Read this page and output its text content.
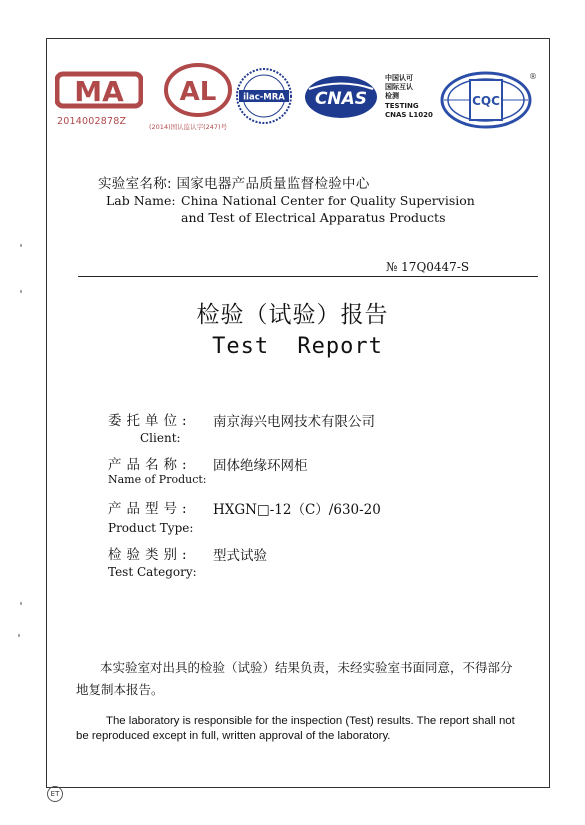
MA
2014002878Z
AL
(2014)国认监认字(247)号
ilac-MRA CNAS
中国认可
国际互认
检测
TESTING
CNAS L1020
CQC
®
实验室名称: 国家电器产品质量监督检验中心
Lab Name: China National Center for Quality Supervision
and Test of Electrical Apparatus Products
№ 17Q0447-S
检验（试验）报告
Test Report
委托单位: 南京海兴电网技术有限公司
Client:
产品名称: 固体绝缘环网柜
Name of Product:
产品型号: HXGN□-12（C）/630-20
Product Type:
检验类别: 型式试验
Test Category:
本实验室对出具的检验（试验）结果负责，未经实验室书面同意，不得部分地复制本报告。
The laboratory is responsible for the inspection (Test) results. The report shall not be reproduced except in full, written approval of the laboratory.
ET
